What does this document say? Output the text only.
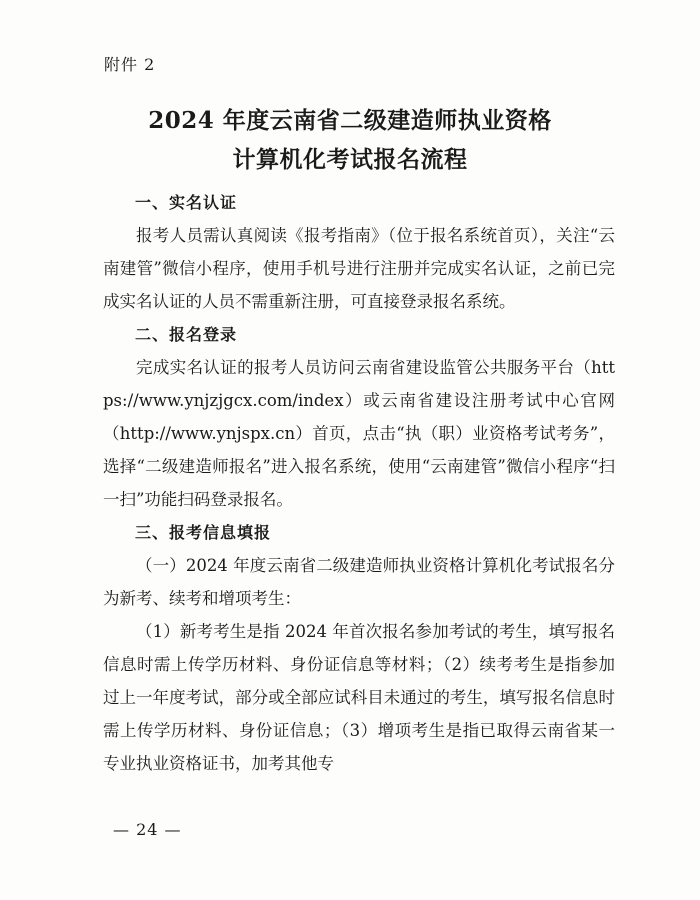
附件 2
2024 年度云南省二级建造师执业资格
计算机化考试报名流程

一、实名认证

报考人员需认真阅读《报考指南》（位于报名系统首页），关注“云南建管”微信小程序，使用手机号进行注册并完成实名认证，之前已完成实名认证的人员不需重新注册，可直接登录报名系统。

二、报名登录

完成实名认证的报考人员访问云南省建设监管公共服务平台（https://www.ynjzjgcx.com/index）或云南省建设注册考试中心官网（http://www.ynjspx.cn）首页，点击“执（职）业资格考试考务”，选择“二级建造师报名”进入报名系统，使用“云南建管”微信小程序“扫一扫”功能扫码登录报名。

三、报考信息填报

（一）2024 年度云南省二级建造师执业资格计算机化考试报名分为新考、续考和增项考生：

（1）新考考生是指 2024 年首次报名参加考试的考生，填写报名信息时需上传学历材料、身份证信息等材料；（2）续考考生是指参加过上一年度考试，部分或全部应试科目未通过的考生，填写报名信息时需上传学历材料、身份证信息；（3）增项考生是指已取得云南省某一专业执业资格证书，加考其他专

— 24 —
